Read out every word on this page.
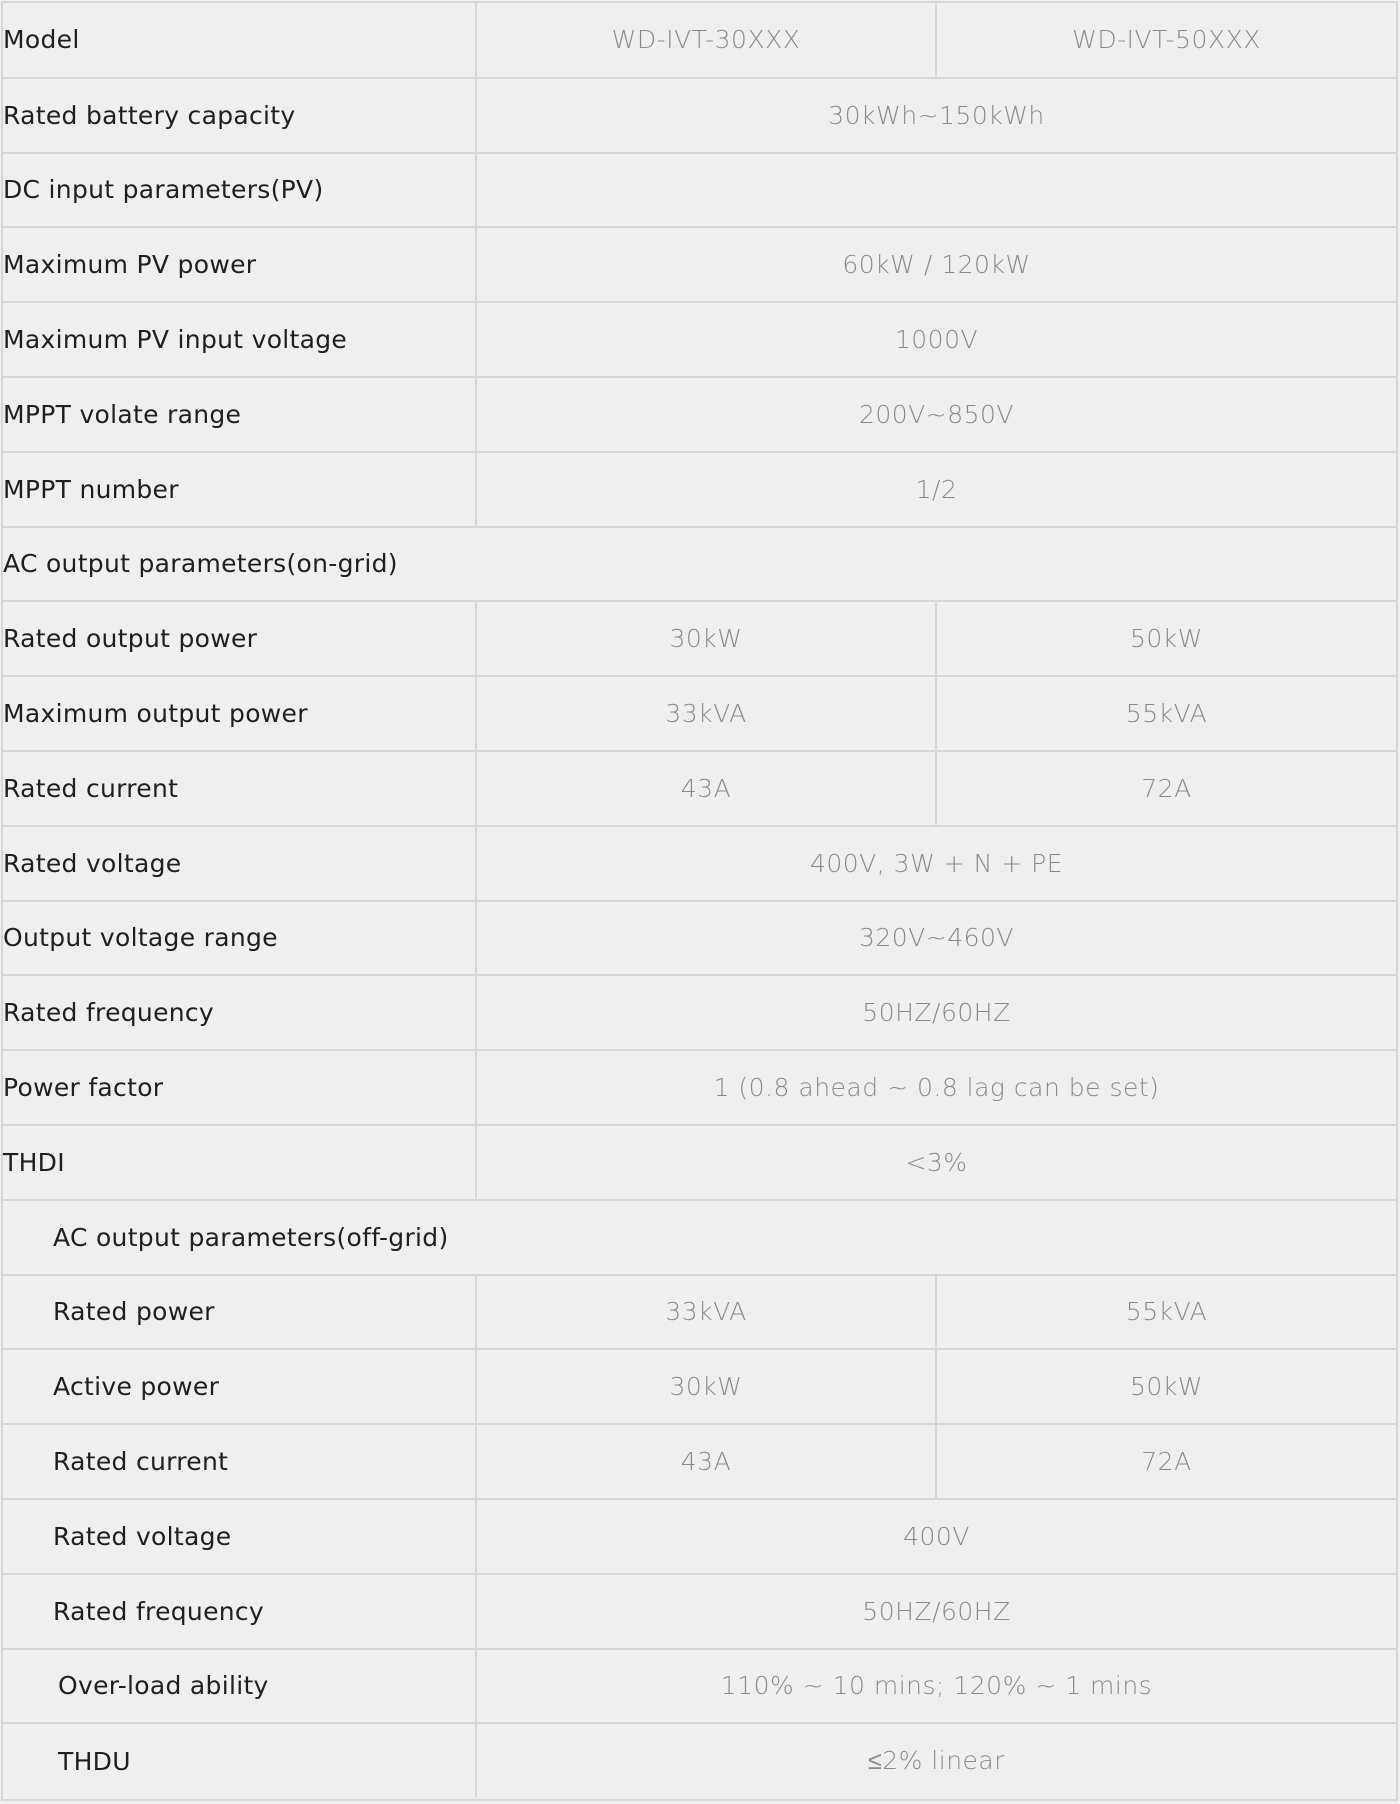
Model	WD-IVT-30XXX	WD-IVT-50XXX
Rated battery capacity	30kWh~150kWh	
DC input parameters(PV)		
Maximum PV power	60kW / 120kW	
Maximum PV input voltage	1000V	
MPPT volate range	200V~850V	
MPPT number	1/2	
AC output parameters(on-grid)		
Rated output power	30kW	50kW
Maximum output power	33kVA	55kVA
Rated current	43A	72A
Rated voltage	400V, 3W + N + PE	
Output voltage range	320V~460V	
Rated frequency	50HZ/60HZ	
Power factor	1 (0.8 ahead ~ 0.8 lag can be set)	
THDI	<3%	
AC output parameters(off-grid)		
Rated power	33kVA	55kVA
Active power	30kW	50kW
Rated current	43A	72A
Rated voltage	400V	
Rated frequency	50HZ/60HZ	
Over-load ability	110% ~ 10 mins; 120% ~ 1 mins	
THDU	≤2% linear	
